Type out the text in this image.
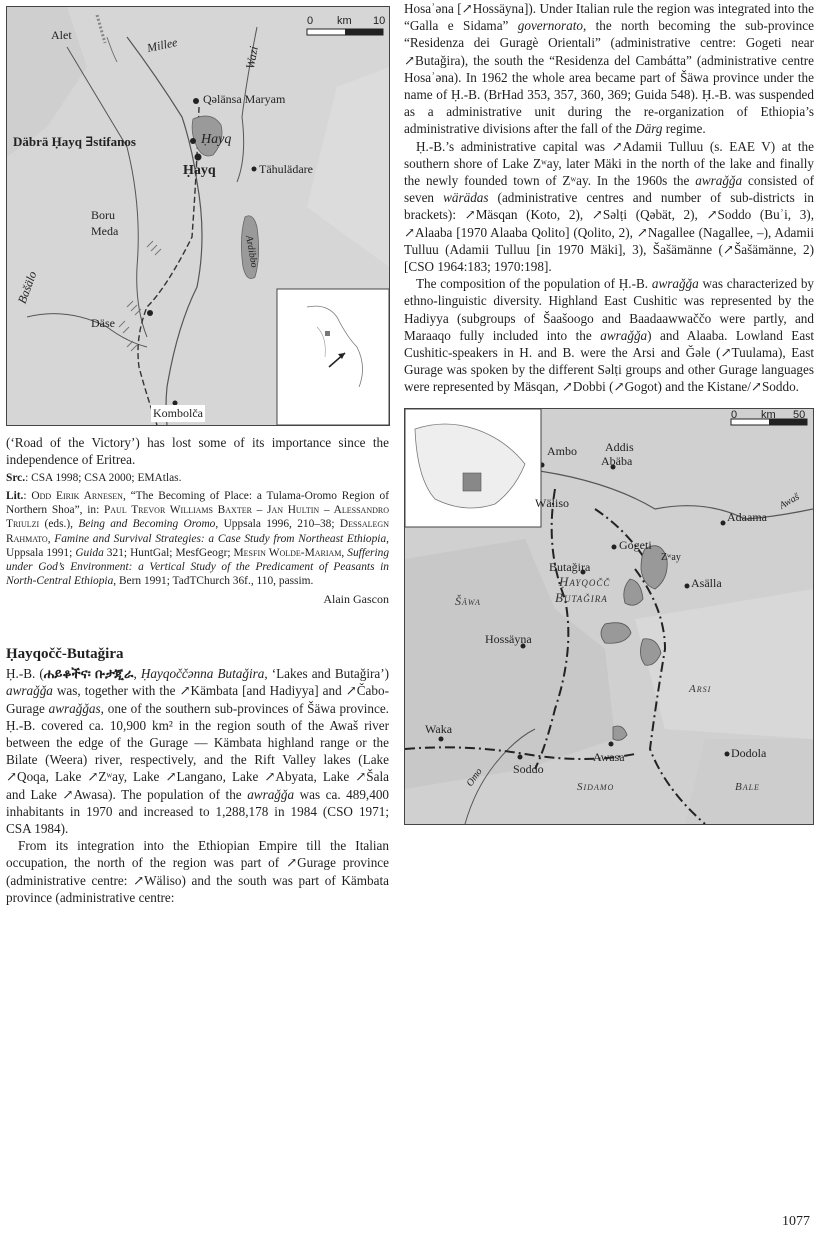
0 km 10
Alet	Millee	Wazi
Qəlänsa Maryam
Däbrä Ḥayq ∃stifanos	Ḥayq
Ḥayq	Tähulädare
Boru
Meda
Ardibbo
Bašälo
Däse
Kombolča

(‘Road of the Victory’) has lost some of its importance since the independence of Eritrea.

Src.: CSA 1998; CSA 2000; EMAtlas.

Lit.: Odd Eirik Arnesen, “The Becoming of Place: a Tulama-Oromo Region of Northern Shoa”, in: Paul Trevor Williams Baxter – Jan Hultin – Alessandro Triulzi (eds.), Being and Becoming Oromo, Uppsala 1996, 210–38; Dessalegn Rahmato, Famine and Survival Strategies: a Case Study from Northeast Ethiopia, Uppsala 1991; Guida 321; HuntGal; MesfGeogr; Mesfin Wolde-Mariam, Suffering under God’s Environment: a Vertical Study of the Predicament of Peasants in North-Central Ethiopia, Bern 1991; TadTChurch 36f., 110, passim.

Alain Gascon

Ḥayqočč-Butaǧira

Ḥ.-B. (ሐይቆችና፡ ቡታጂራ, Ḥayqoččənna Butaǧira, ‘Lakes and Butaǧira’) awraǧǧa was, together with the ↗Kämbata [and Hadiyya] and ↗Čabo-Gurage awraǧǧas, one of the southern sub-provinces of Šäwa province. Ḥ.-B. covered ca. 10,900 km² in the region south of the Awaš river between the edge of the Gurage — Kämbata highland range or the Bilate (Weera) river, respectively, and the Rift Valley lakes (Lake ↗Qoqa, Lake ↗Zʷay, Lake ↗Langano, Lake ↗Abyata, Lake ↗Šala and Lake ↗Awasa). The population of the awraǧǧa was ca. 489,400 inhabitants in 1970 and increased to 1,288,178 in 1984 (CSO 1971; CSA 1984).

From its integration into the Ethiopian Empire till the Italian occupation, the north of the region was part of ↗Gurage province (administrative centre: ↗Wäliso) and the south was part of Kämbata province (administrative centre:

Hosaʾəna [↗Hossäyna]). Under Italian rule the region was integrated into the “Galla e Sidama” governorato, the north becoming the sub-province “Residenza dei Guragè Orientali” (administrative centre: Gogeti near ↗Butaǧira), the south the “Residenza del Cambátta” (administrative centre Hosaʾəna). In 1962 the whole area became part of Šäwa province under the name of Ḥ.-B. (BrHad 353, 357, 360, 369; Guida 548). Ḥ.-B. was suspended as a administrative unit during the re-organization of Ethiopia’s administrative divisions after the fall of the Därg regime.

Ḥ.-B.’s administrative capital was ↗Adamii Tulluu (s. EAE V) at the southern shore of Lake Zʷay, later Mäki in the north of the lake and finally the newly founded town of Zʷay. In the 1960s the awraǧǧa consisted of seven wärädas (administrative centres and number of sub-districts in brackets): ↗Mäsqan (Koto, 2), ↗Səlṭi (Qəbät, 2), ↗Soddo (Buʾi, 3), ↗Alaaba [1970 Alaaba Qolito] (Qolito, 2), ↗Nagallee (Nagallee, –), Adamii Tulluu (Adamii Tulluu [in 1970 Mäki], 3), Šašämänne (↗Šašämänne, 2) [CSO 1964:183; 1970:198].

The composition of the population of Ḥ.-B. awraǧǧa was characterized by ethno-linguistic diversity. Highland East Cushitic was represented by the Hadiyya (subgroups of Šaašoogo and Baadaawwaččo were partly, and Maraaqo fully included into the awraǧǧa) and Alaaba. Lowland East Cushitic-speakers in H. and B. were the Arsi and Ǧəle (↗Tuulama), East Gurage was spoken by the different Səlṭi groups and other Gurage languages were represented by Mäsqan, ↗Dobbi (↗Gogot) and the Kistane/↗Soddo.

0 km 50
Ambo Addis
Abäba
Wäliso
Adaama
Awaš
Gogeti
Butaǧira
Zʷay
Ḥayqočč
Butaǧira
Asälla
Šäwa
Hossäyna
Arsi
Waka
Omo Soddo
Awasa	Dodola
Sidamo	Bale
1077
